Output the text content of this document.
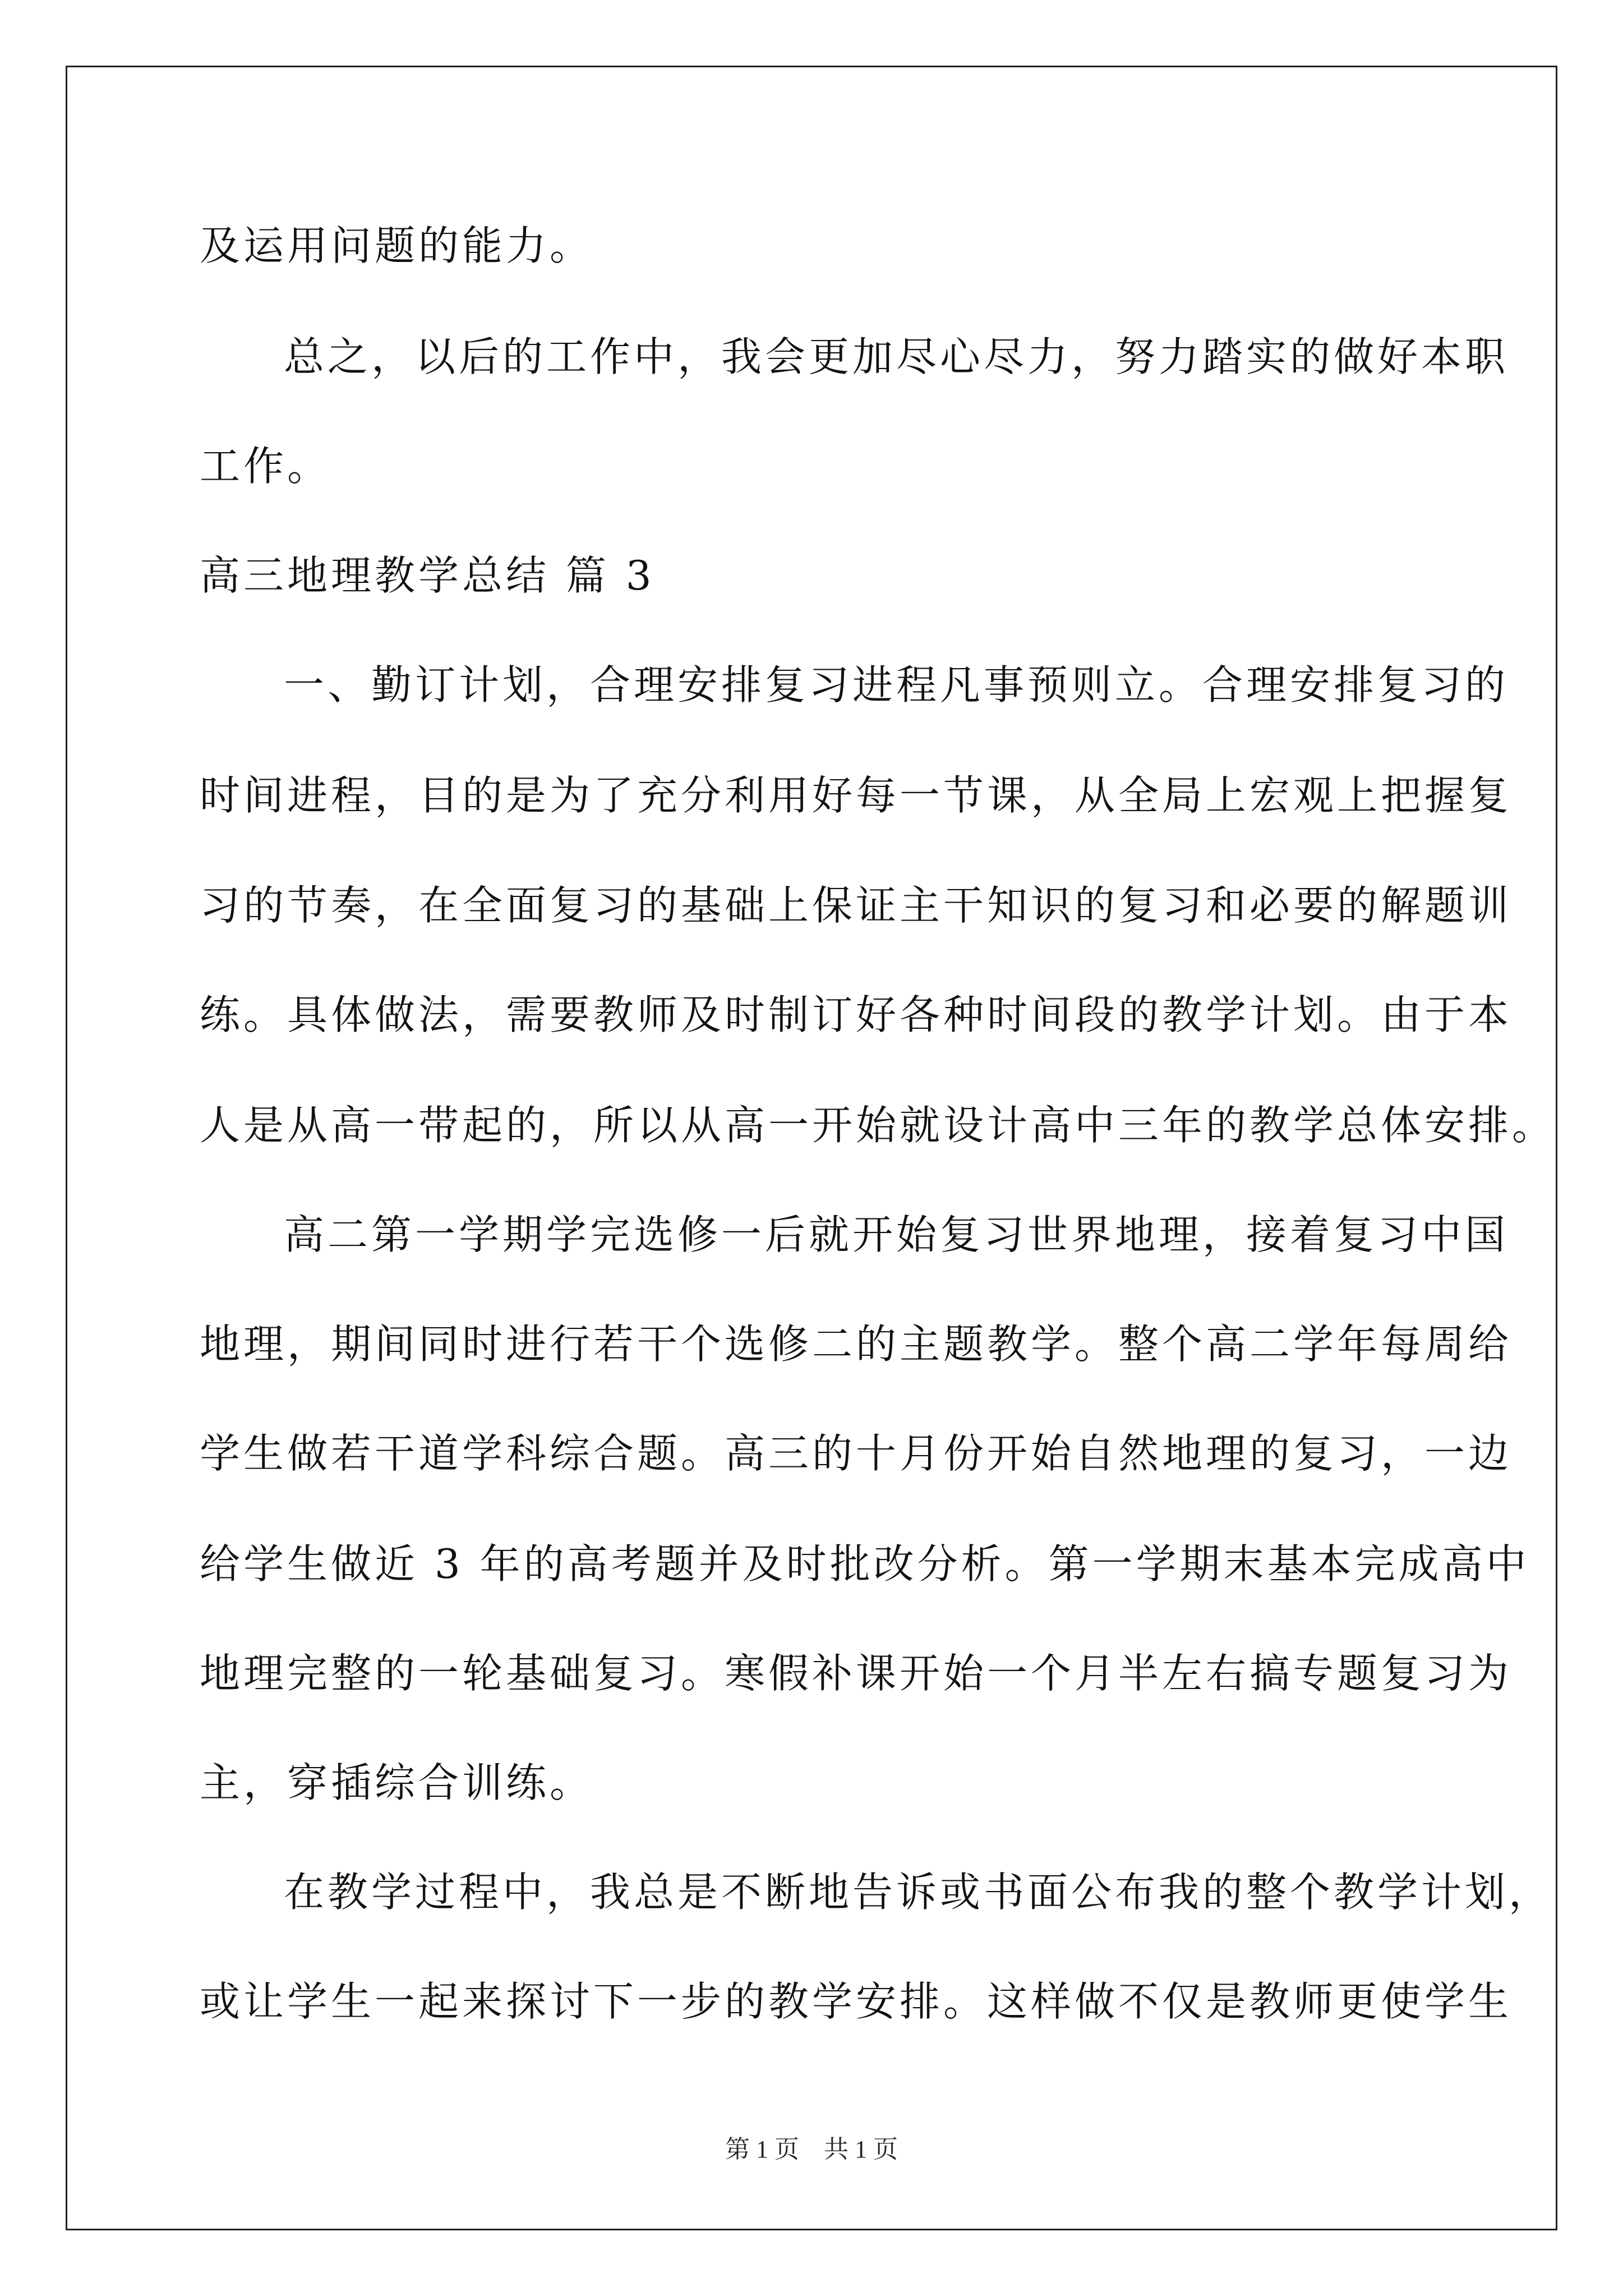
及运用问题的能力。
总之，以后的工作中，我会更加尽心尽力，努力踏实的做好本职
工作。
高三地理教学总结 篇 3
一、勤订计划，合理安排复习进程凡事预则立。合理安排复习的
时间进程，目的是为了充分利用好每一节课，从全局上宏观上把握复
习的节奏，在全面复习的基础上保证主干知识的复习和必要的解题训
练。具体做法，需要教师及时制订好各种时间段的教学计划。由于本
人是从高一带起的，所以从高一开始就设计高中三年的教学总体安排。
高二第一学期学完选修一后就开始复习世界地理，接着复习中国
地理，期间同时进行若干个选修二的主题教学。整个高二学年每周给
学生做若干道学科综合题。高三的十月份开始自然地理的复习，一边
给学生做近 3 年的高考题并及时批改分析。第一学期末基本完成高中
地理完整的一轮基础复习。寒假补课开始一个月半左右搞专题复习为
主，穿插综合训练。
在教学过程中，我总是不断地告诉或书面公布我的整个教学计划，
或让学生一起来探讨下一步的教学安排。这样做不仅是教师更使学生
第 1 页　共 1 页
